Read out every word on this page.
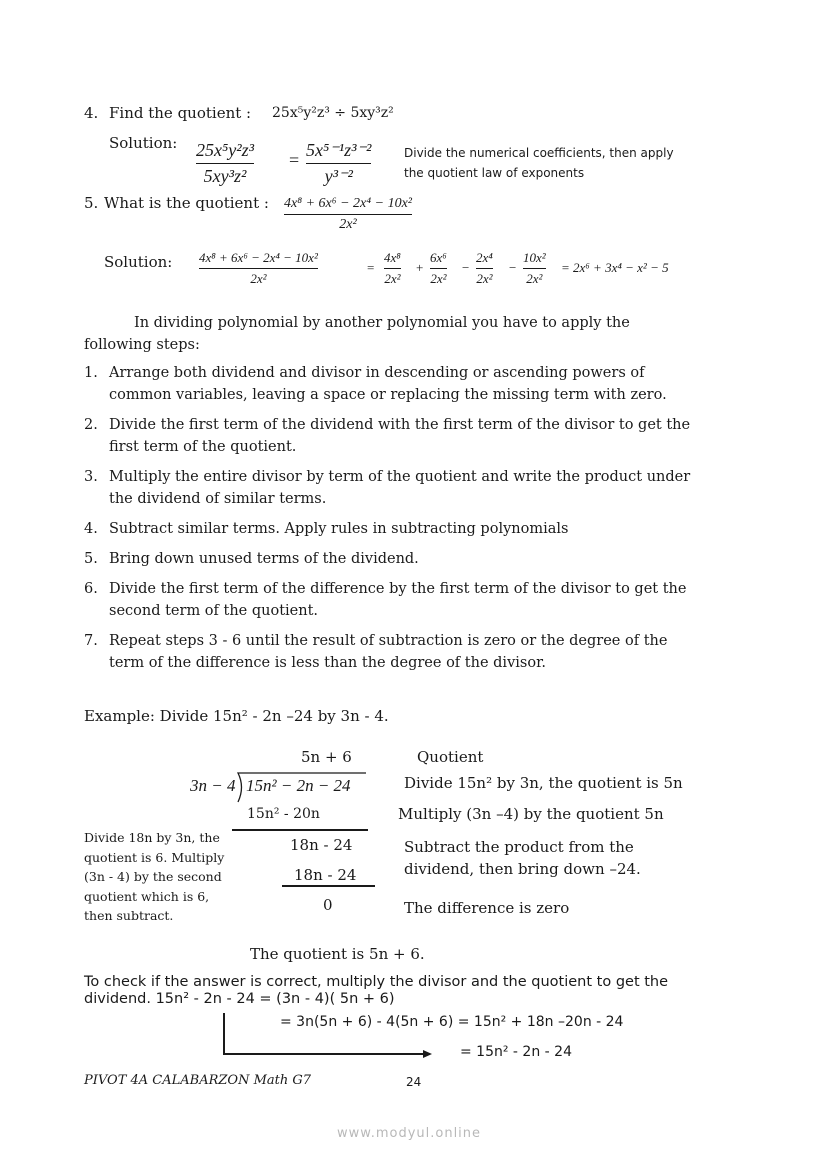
4. Find the quotient : 25x⁵y²z³ ÷ 5xy³z²
Solution: 25x⁵y²z³
5xy³z²
= 5x⁵⁻¹z³⁻²
y³⁻²
Divide the numerical coefficients, then apply the quotient law of exponents
5. What is the quotient : 4x⁸ + 6x⁶ − 2x⁴ − 10x²
2x²
Solution: 4x⁸ + 6x⁶ − 2x⁴ − 10x²
2x²
=
4x⁸
2x²
+
6x⁶
2x²
−
2x⁴
2x²
−
10x²
2x²
= 2x⁶ + 3x⁴ − x² − 5
In dividing polynomial by another polynomial you have to apply the following steps:
1. Arrange both dividend and divisor in descending or ascending powers of common variables, leaving a space or replacing the missing term with zero.
2. Divide the first term of the dividend with the first term of the divisor to get the first term of the quotient.
3. Multiply the entire divisor by term of the quotient and write the product under the dividend of similar terms.
4. Subtract similar terms. Apply rules in subtracting polynomials
5. Bring down unused terms of the dividend.
6. Divide the first term of the difference by the first term of the divisor to get the second term of the quotient.
7. Repeat steps 3 - 6 until the result of subtraction is zero or the degree of the term of the difference is less than the degree of the divisor.
Example: Divide 15n² - 2n –24 by 3n - 4.
5n + 6	Quotient
3n − 4 15n² − 2n − 24	Divide 15n² by 3n, the quotient is 5n
15n² - 20n	Multiply (3n –4) by the quotient 5n
Divide 18n by 3n, the quotient is 6. Multiply (3n - 4) by the second quotient which is 6, then subtract.
18n - 24	Subtract the product from the dividend, then bring down –24.
18n - 24
0	The difference is zero
The quotient is 5n + 6.
To check if the answer is correct, multiply the divisor and the quotient to get the dividend. 15n² - 2n - 24 = (3n - 4)( 5n + 6)
= 3n(5n + 6) - 4(5n + 6) = 15n² + 18n –20n - 24
= 15n² - 2n - 24
PIVOT 4A CALABARZON Math G7	24
www.modyul.online
